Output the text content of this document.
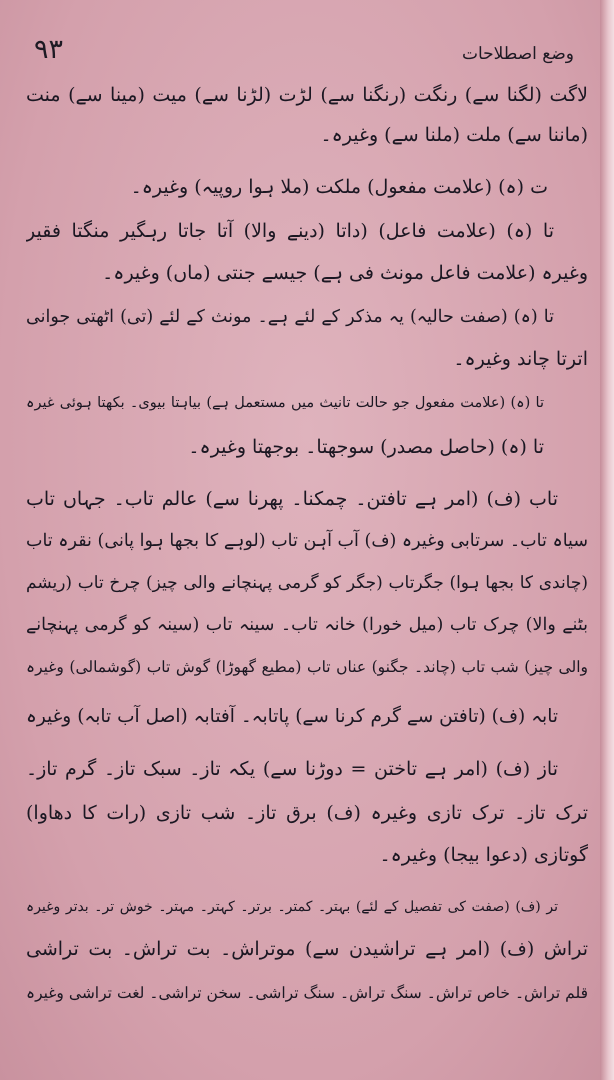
۹۳	وضع اصطلاحات
لاگت (لگنا سے) رنگت (رنگنا سے) لڑت (لڑنا سے) میت (مینا سے) منت
(ماننا سے) ملت (ملنا سے) وغیرہ۔
ت (ہ) (علامت مفعول) ملکت (ملا ہوا روپیہ) وغیرہ۔
تا (ہ) (علامت فاعل) (داتا (دینے والا) آتا جاتا رہگیر منگتا فقیر
وغیرہ (علامت فاعل مونث فی ہے) جیسے جنتی (ماں) وغیرہ۔
تا (ہ) (صفت حالیہ) یہ مذکر کے لئے ہے۔ مونث کے لئے (تی) اٹھتی جوانی
اترتا چاند وغیرہ۔
تا (ہ) (علامت مفعول جو حالت تانیث میں مستعمل ہے) بیاہتا بیوی۔ بکھتا ہوئی غیرہ
تا (ہ) (حاصل مصدر) سوجھتا۔ بوجھتا وغیرہ۔
تاب (ف) (امر ہے تافتن۔ چمکنا۔ پھرنا سے) عالم تاب۔ جہاں تاب
سیاہ تاب۔ سرتابی وغیرہ (ف) آب آہن تاب (لوہے کا بجھا ہوا پانی) نقرہ تاب
(چاندی کا بجھا ہوا) جگرتاب (جگر کو گرمی پہنچانے والی چیز) چرخ تاب (ریشم
بٹنے والا) چرک تاب (میل خورا) خانہ تاب۔ سینہ تاب (سینہ کو گرمی پہنچانے
والی چیز) شب تاب (چاند۔ جگنو) عناں تاب (مطیع گھوڑا) گوش تاب (گوشمالی) وغیرہ
تابہ (ف) (تافتن سے گرم کرنا سے) پاتابہ۔ آفتابہ (اصل آب تابہ) وغیرہ
تاز (ف) (امر ہے تاختن = دوڑنا سے) یکہ تاز۔ سبک تاز۔ گرم تاز۔
ترک تاز۔ ترک تازی وغیرہ (ف) برق تاز۔ شب تازی (رات کا دھاوا)
گوتازی (دعوا بیجا) وغیرہ۔
تر (ف) (صفت کی تفصیل کے لئے) بہتر۔ کمتر۔ برتر۔ کہتر۔ مہتر۔ خوش تر۔ بدتر وغیرہ
تراش (ف) (امر ہے تراشیدن سے) موتراش۔ بت تراش۔ بت تراشی
قلم تراش۔ خاص تراش۔ سنگ تراش۔ سنگ تراشی۔ سخن تراشی۔ لغت تراشی وغیرہ
